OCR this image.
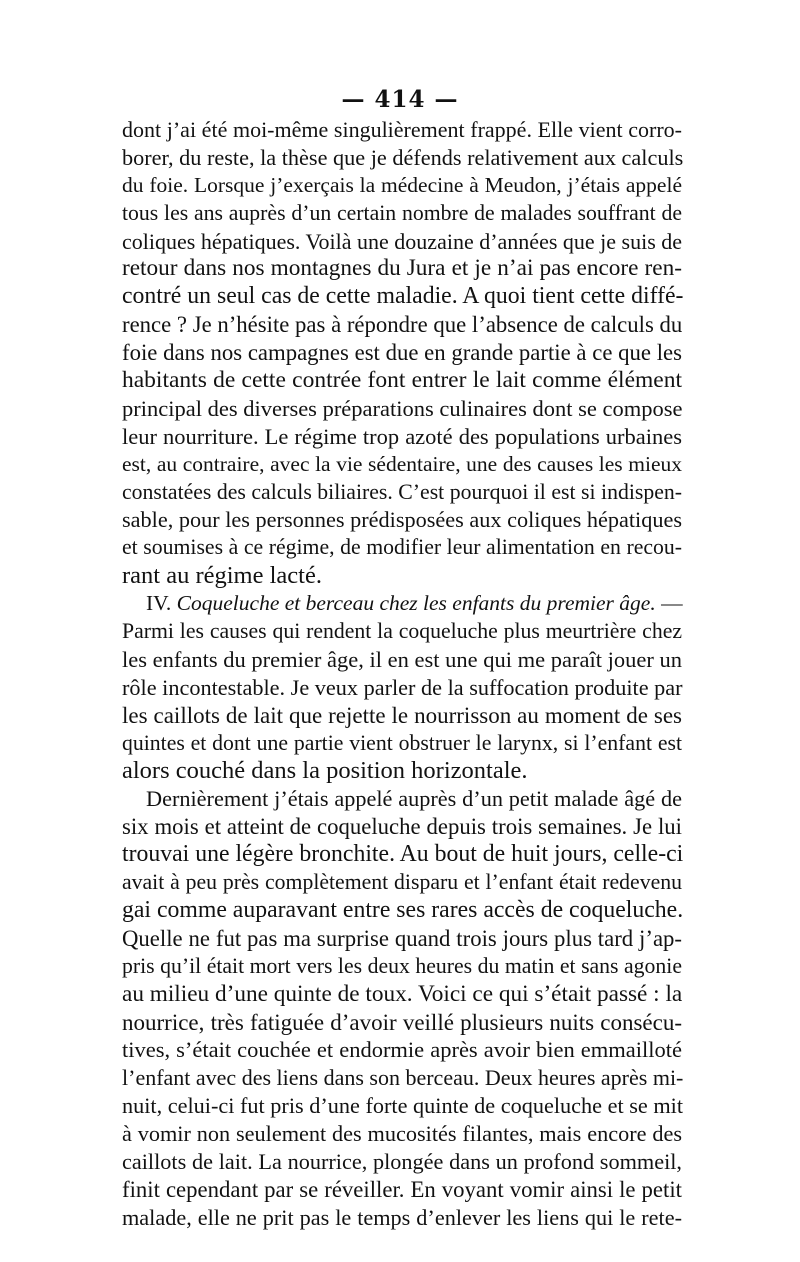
— 414 —
dont j’ai été moi-même singulièrement frappé. Elle vient corro-
borer, du reste, la thèse que je défends relativement aux calculs
du foie. Lorsque j’exerçais la médecine à Meudon, j’étais appelé
tous les ans auprès d’un certain nombre de malades souffrant de
coliques hépatiques. Voilà une douzaine d’années que je suis de
retour dans nos montagnes du Jura et je n’ai pas encore ren-
contré un seul cas de cette maladie. A quoi tient cette diffé-
rence ? Je n’hésite pas à répondre que l’absence de calculs du
foie dans nos campagnes est due en grande partie à ce que les
habitants de cette contrée font entrer le lait comme élément
principal des diverses préparations culinaires dont se compose
leur nourriture. Le régime trop azoté des populations urbaines
est, au contraire, avec la vie sédentaire, une des causes les mieux
constatées des calculs biliaires. C’est pourquoi il est si indispen-
sable, pour les personnes prédisposées aux coliques hépatiques
et soumises à ce régime, de modifier leur alimentation en recou-
rant au régime lacté.
IV. Coqueluche et berceau chez les enfants du premier âge. —
Parmi les causes qui rendent la coqueluche plus meurtrière chez
les enfants du premier âge, il en est une qui me paraît jouer un
rôle incontestable. Je veux parler de la suffocation produite par
les caillots de lait que rejette le nourrisson au moment de ses
quintes et dont une partie vient obstruer le larynx, si l’enfant est
alors couché dans la position horizontale.
Dernièrement j’étais appelé auprès d’un petit malade âgé de
six mois et atteint de coqueluche depuis trois semaines. Je lui
trouvai une légère bronchite. Au bout de huit jours, celle-ci
avait à peu près complètement disparu et l’enfant était redevenu
gai comme auparavant entre ses rares accès de coqueluche.
Quelle ne fut pas ma surprise quand trois jours plus tard j’ap-
pris qu’il était mort vers les deux heures du matin et sans agonie
au milieu d’une quinte de toux. Voici ce qui s’était passé : la
nourrice, très fatiguée d’avoir veillé plusieurs nuits consécu-
tives, s’était couchée et endormie après avoir bien emmailloté
l’enfant avec des liens dans son berceau. Deux heures après mi-
nuit, celui-ci fut pris d’une forte quinte de coqueluche et se mit
à vomir non seulement des mucosités filantes, mais encore des
caillots de lait. La nourrice, plongée dans un profond sommeil,
finit cependant par se réveiller. En voyant vomir ainsi le petit
malade, elle ne prit pas le temps d’enlever les liens qui le rete-
